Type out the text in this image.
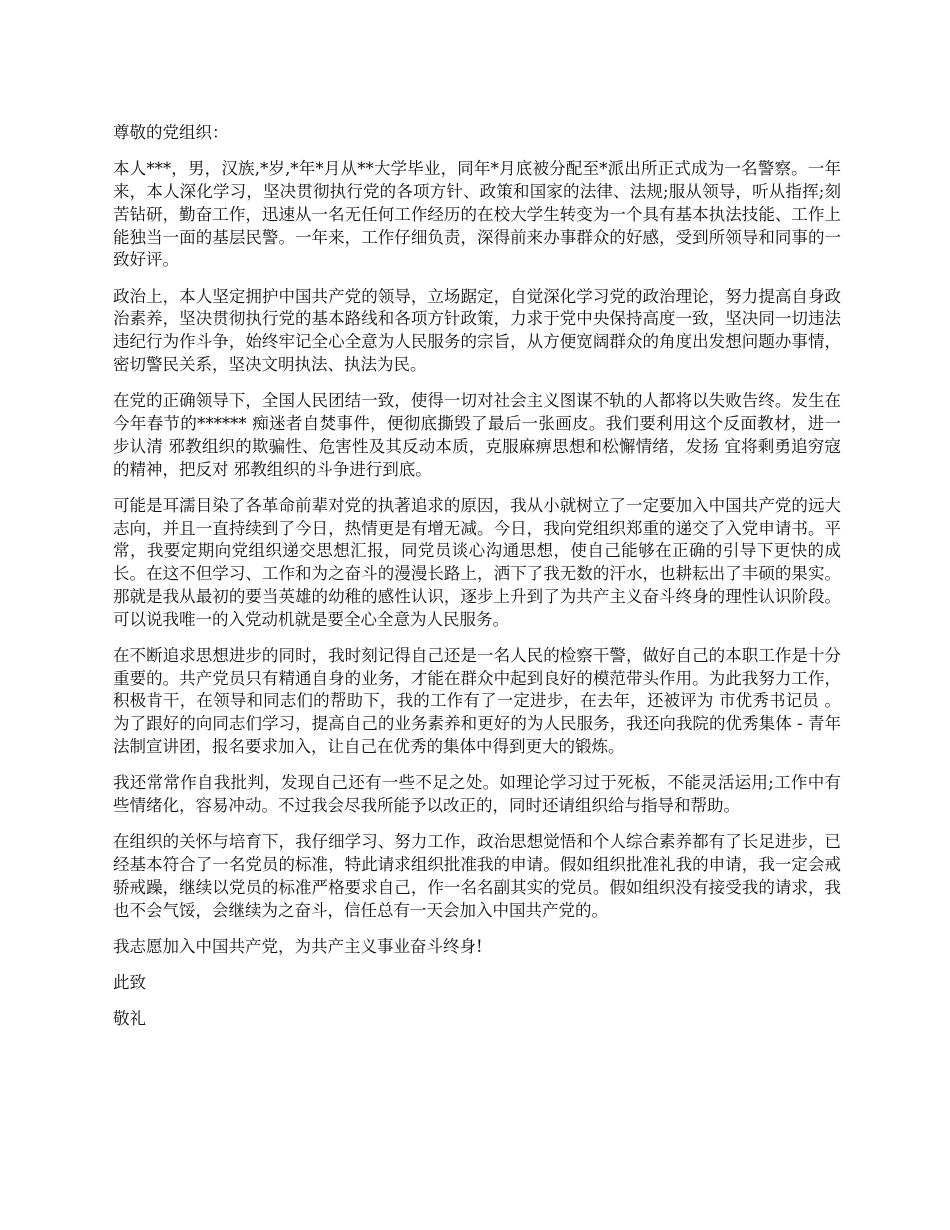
尊敬的党组织：

本人***，男，汉族,*岁,*年*月从**大学毕业，同年*月底被分配至*派出所正式成为一名警察。一年来，本人深化学习，坚决贯彻执行党的各项方针、政策和国家的法律、法规;服从领导，听从指挥;刻苦钻研，勤奋工作，迅速从一名无任何工作经历的在校大学生转变为一个具有基本执法技能、工作上能独当一面的基层民警。一年来，工作仔细负责，深得前来办事群众的好感，受到所领导和同事的一致好评。

政治上，本人坚定拥护中国共产党的领导，立场踞定，自觉深化学习党的政治理论，努力提高自身政治素养，坚决贯彻执行党的基本路线和各项方针政策，力求于党中央保持高度一致，坚决同一切违法违纪行为作斗争，始终牢记全心全意为人民服务的宗旨，从方便宽阔群众的角度出发想问题办事情，密切警民关系，坚决文明执法、执法为民。

在党的正确领导下，全国人民团结一致，使得一切对社会主义图谋不轨的人都将以失败告终。发生在今年春节的****** 痴迷者自焚事件，便彻底撕毁了最后一张画皮。我们要利用这个反面教材，进一步认清 邪教组织的欺骗性、危害性及其反动本质，克服麻痹思想和松懈情绪，发扬 宜将剩勇追穷寇 的精神，把反对 邪教组织的斗争进行到底。

可能是耳濡目染了各革命前辈对党的执著追求的原因，我从小就树立了一定要加入中国共产党的远大志向，并且一直持续到了今日，热情更是有增无减。今日，我向党组织郑重的递交了入党申请书。平常，我要定期向党组织递交思想汇报，同党员谈心沟通思想，使自己能够在正确的引导下更快的成长。在这不但学习、工作和为之奋斗的漫漫长路上，洒下了我无数的汗水，也耕耘出了丰硕的果实。那就是我从最初的要当英雄的幼稚的感性认识，逐步上升到了为共产主义奋斗终身的理性认识阶段。可以说我唯一的入党动机就是要全心全意为人民服务。

在不断追求思想进步的同时，我时刻记得自己还是一名人民的检察干警，做好自己的本职工作是十分重要的。共产党员只有精通自身的业务，才能在群众中起到良好的模范带头作用。为此我努力工作，积极肯干，在领导和同志们的帮助下，我的工作有了一定进步，在去年，还被评为 市优秀书记员 。为了跟好的向同志们学习，提高自己的业务素养和更好的为人民服务，我还向我院的优秀集体 - 青年法制宣讲团，报名要求加入，让自己在优秀的集体中得到更大的锻炼。

我还常常作自我批判，发现自己还有一些不足之处。如理论学习过于死板，不能灵活运用;工作中有些情绪化，容易冲动。不过我会尽我所能予以改正的，同时还请组织给与指导和帮助。

在组织的关怀与培育下，我仔细学习、努力工作，政治思想觉悟和个人综合素养都有了长足进步，已经基本符合了一名党员的标准，特此请求组织批准我的申请。假如组织批准礼我的申请，我一定会戒骄戒躁，继续以党员的标准严格要求自己，作一名名副其实的党员。假如组织没有接受我的请求，我也不会气馁，会继续为之奋斗，信任总有一天会加入中国共产党的。

我志愿加入中国共产党，为共产主义事业奋斗终身!

此致

敬礼
